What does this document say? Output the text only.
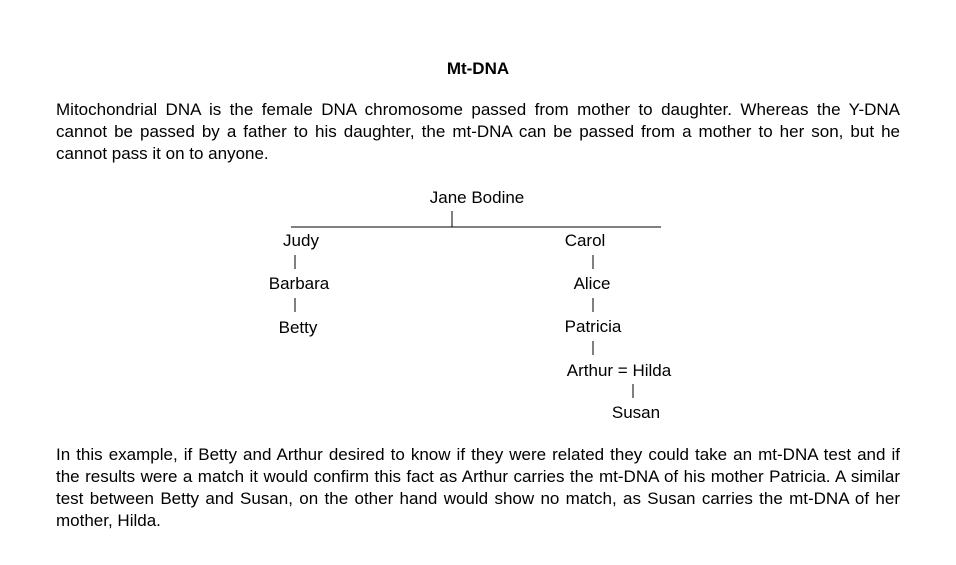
Mt-DNA

Mitochondrial DNA is the female DNA chromosome passed from mother to daughter. Whereas the Y-DNA cannot be passed by a father to his daughter, the mt-DNA can be passed from a mother to her son, but he cannot pass it on to anyone.

Jane Bodine
Judy
Barbara
Betty
Carol
Alice
Patricia
Arthur = Hilda
Susan

In this example, if Betty and Arthur desired to know if they were related they could take an mt-DNA test and if the results were a match it would confirm this fact as Arthur carries the mt-DNA of his mother Patricia. A similar test between Betty and Susan, on the other hand would show no match, as Susan carries the mt-DNA of her mother, Hilda.
